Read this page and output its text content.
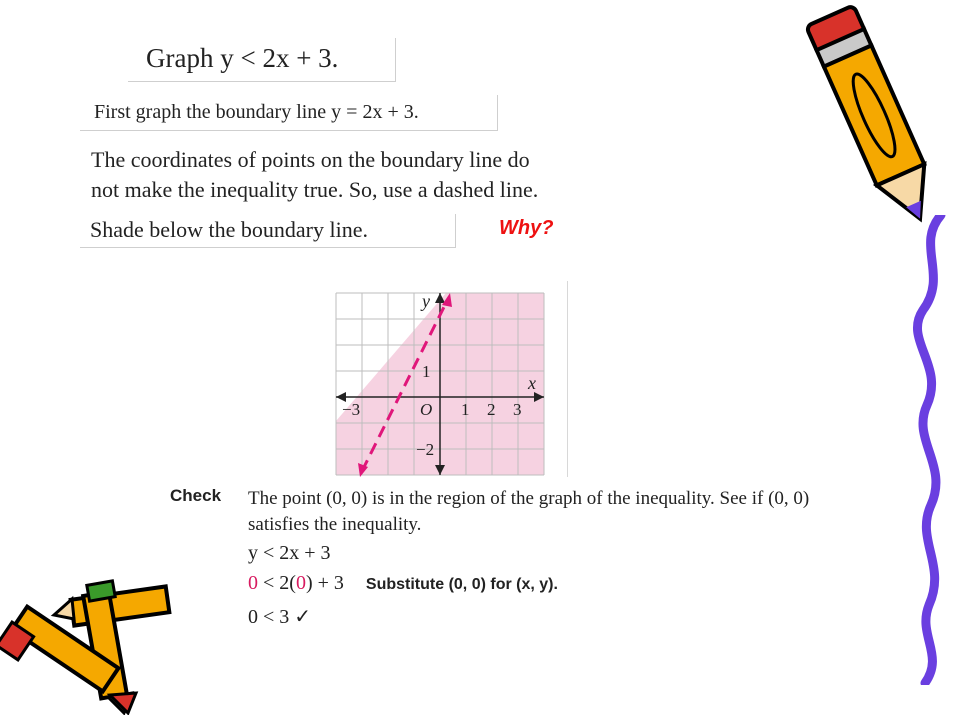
Graph y < 2x + 3.
First graph the boundary line y = 2x + 3.
The coordinates of points on the boundary line do
not make the inequality true. So, use a dashed line.
Shade below the boundary line.	Why?
y
x
1
−2
−3	O 1 2 3
Check The point (0, 0) is in the region of the graph of the inequality. See if (0, 0)
satisfies the inequality.
y < 2x + 3
0 < 2(0) + 3 Substitute (0, 0) for (x, y).
0 < 3 ✓
